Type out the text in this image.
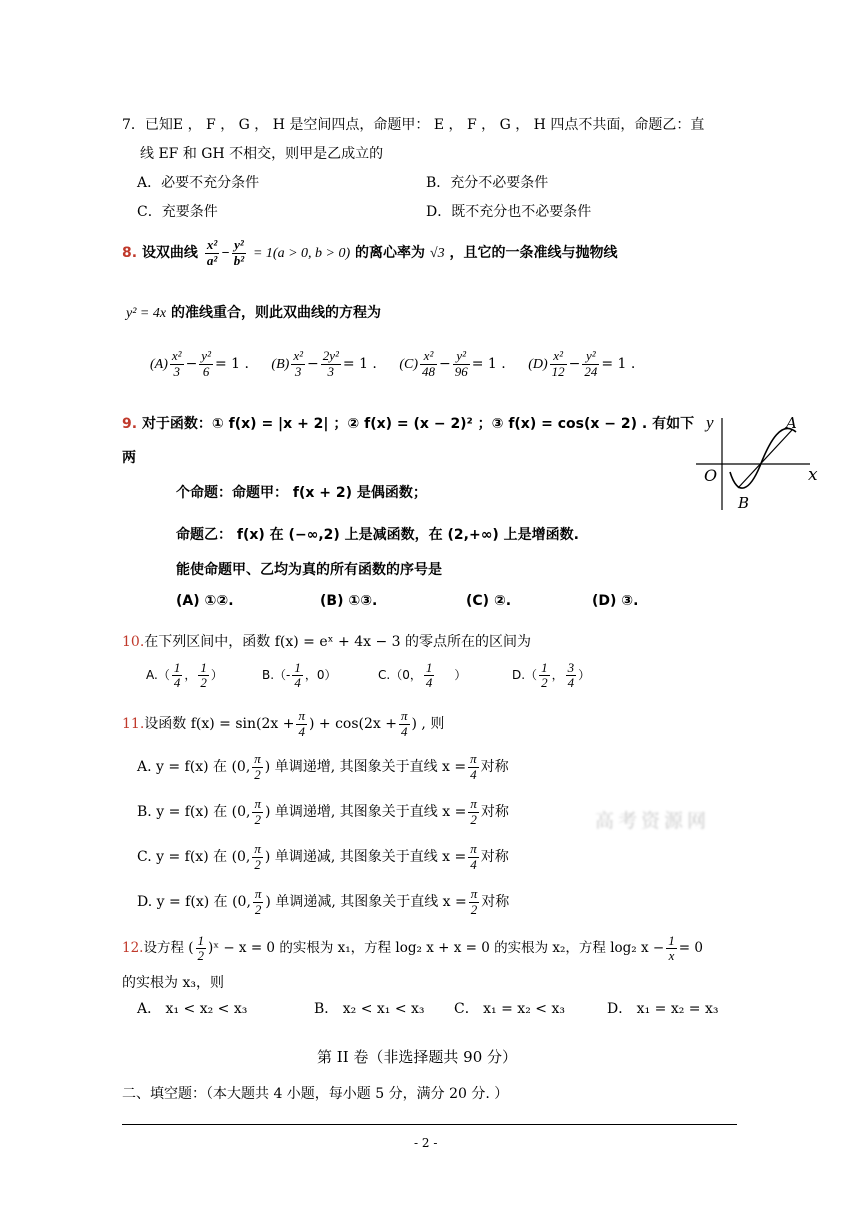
7．已知E ， F ， G ， H 是空间四点，命题甲： E ， F ， G ， H 四点不共面，命题乙：直
线 EF 和 GH 不相交，则甲是乙成立的
A．必要不充分条件	B．充分不必要条件
C．充要条件	D．既不充分也不必要条件
8. 设双曲线 $\frac{\text{x²}}{\text{a²}} - \frac{\text{y²}}{\text{b²}} = 1(a > 0$, b > 0) 的离心率为 √3 ，且它的一条准线与抛物线
y² = 4x 的准线重合，则此双曲线的方程为
$(A) \frac{\text{x²}}{3} - \frac{\text{y²}}{6} = 1$ . $(B) \frac{\text{x²}}{3} - \frac{\text{2y²}}{3} = 1$ . $(C) \frac{\text{x²}}{48} - \frac{\text{y²}}{96} = 1$ . $(D) \frac{\text{x²}}{12} - \frac{\text{y²}}{24} = 1$ .
9. 对于函数：① f(x) = |x + 2| ；② f(x) = (x − 2)² ；③ f(x) = cos(x − 2) . 有如下
两
个命题：命题甲： f(x + 2) 是偶函数；
命题乙： f(x) 在 (−∞,2) 上是减函数，在 (2,+∞) 上是增函数.
能使命题甲、乙均为真的所有函数的序号是
(A) ①②.	(B) ①③.	(C) ②.	(D) ③.
y
x
O
A
B
10.在下列区间中，函数 f(x) = eˣ + 4x − 3 的零点所在的区间为
$A.( \frac{1}{4}$ ， $\frac{1}{2}$ ）	$B.(- \frac{1}{4}$ ，0）	C.（0， $\frac{1}{4}$ ）	$D.( \frac{1}{2}$ ， $\frac{3}{4}$ ）
11.设函数 $f(x) = \sin(2x + \frac{\pi}{4}$ ) + $\cos(2x + \frac{\pi}{4}$ ) , 则
A. y = f(x) 在 (0, $\frac{\pi}{2}$ ) 单调递增, 其图象关于直线 $x = \frac{\pi}{4}$ 对称
B. y = f(x) 在 (0, $\frac{\pi}{2}$ ) 单调递增, 其图象关于直线 $x = \frac{\pi}{2}$ 对称
C. y = f(x) 在 (0, $\frac{\pi}{2}$ ) 单调递减, 其图象关于直线 $x = \frac{\pi}{4}$ 对称
D. y = f(x) 在 (0, $\frac{\pi}{2}$ ) 单调递减, 其图象关于直线 $x = \frac{\pi}{2}$ 对称
高考资源网
12.设方程 ( $\frac{1}{2}$ )ˣ − x = 0 的实根为 x₁，方程 log₂ x + x = 0 的实根为 x₂，方程 log₂ $x - \frac{1}{x} = 0$
的实根为 x₃，则
A． x₁ < x₂ < x₃	B． x₂ < x₁ < x₃ C． x₁ = x₂ < x₃	D． x₁ = x₂ = x₃
第 II 卷（非选择题共 90 分）
二、填空题：（本大题共 4 小题，每小题 5 分，满分 20 分. ）
- 2 -
